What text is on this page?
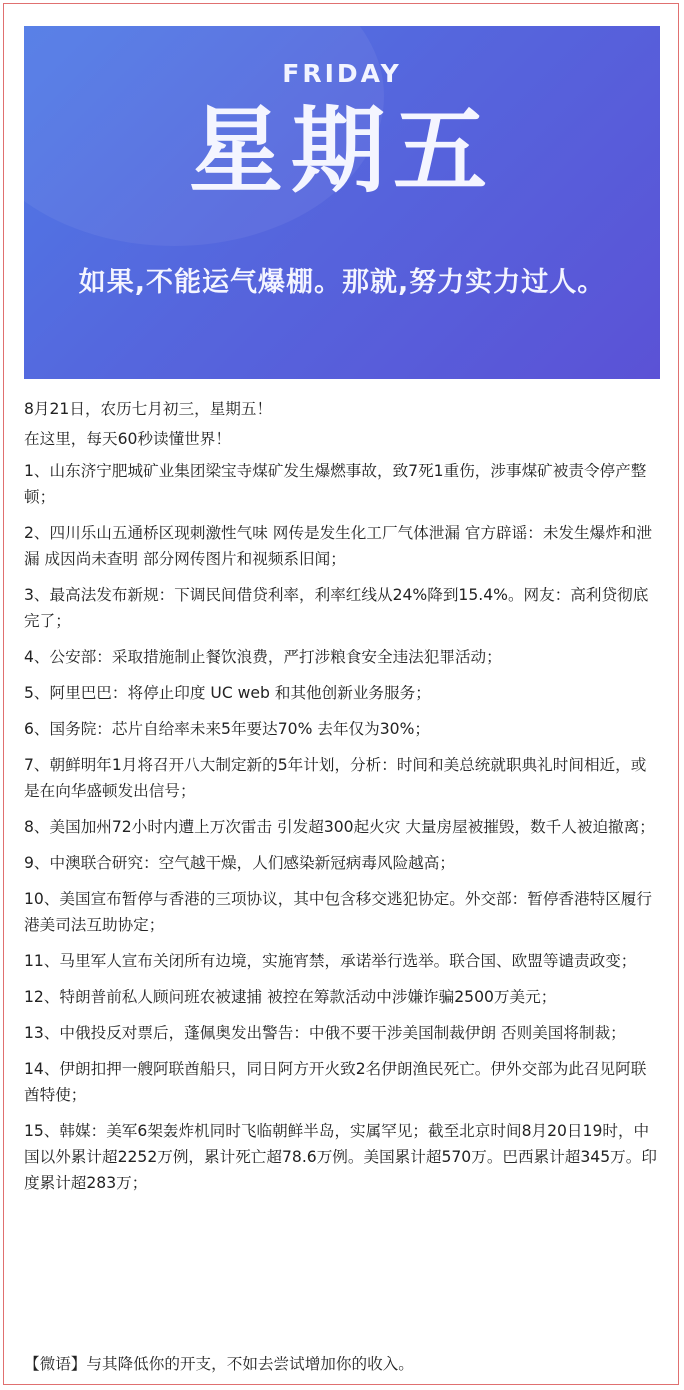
FRIDAY
星期五
如果,不能运气爆棚。那就,努力实力过人。

8月21日，农历七月初三，星期五！

在这里，每天60秒读懂世界！

1、山东济宁肥城矿业集团梁宝寺煤矿发生爆燃事故，致7死1重伤，涉事煤矿被责令停产整顿；

2、四川乐山五通桥区现刺激性气味 网传是发生化工厂气体泄漏 官方辟谣：未发生爆炸和泄漏 成因尚未查明 部分网传图片和视频系旧闻；

3、最高法发布新规：下调民间借贷利率，利率红线从24%降到15.4%。网友：高利贷彻底完了；

4、公安部：采取措施制止餐饮浪费，严打涉粮食安全违法犯罪活动；

5、阿里巴巴：将停止印度 UC web 和其他创新业务服务；

6、国务院：芯片自给率未来5年要达70% 去年仅为30%；

7、朝鲜明年1月将召开八大制定新的5年计划，分析：时间和美总统就职典礼时间相近，或是在向华盛顿发出信号；

8、美国加州72小时内遭上万次雷击 引发超300起火灾 大量房屋被摧毁，数千人被迫撤离；

9、中澳联合研究：空气越干燥，人们感染新冠病毒风险越高；

10、美国宣布暂停与香港的三项协议，其中包含移交逃犯协定。外交部：暂停香港特区履行港美司法互助协定；

11、马里军人宣布关闭所有边境，实施宵禁，承诺举行选举。联合国、欧盟等谴责政变；

12、特朗普前私人顾问班农被逮捕 被控在筹款活动中涉嫌诈骗2500万美元；

13、中俄投反对票后，蓬佩奥发出警告：中俄不要干涉美国制裁伊朗 否则美国将制裁；

14、伊朗扣押一艘阿联酋船只，同日阿方开火致2名伊朗渔民死亡。伊外交部为此召见阿联酋特使；

15、韩媒：美军6架轰炸机同时飞临朝鲜半岛，实属罕见；截至北京时间8月20日19时，中国以外累计超2252万例，累计死亡超78.6万例。美国累计超570万。巴西累计超345万。印度累计超283万；

【微语】与其降低你的开支，不如去尝试增加你的收入。
